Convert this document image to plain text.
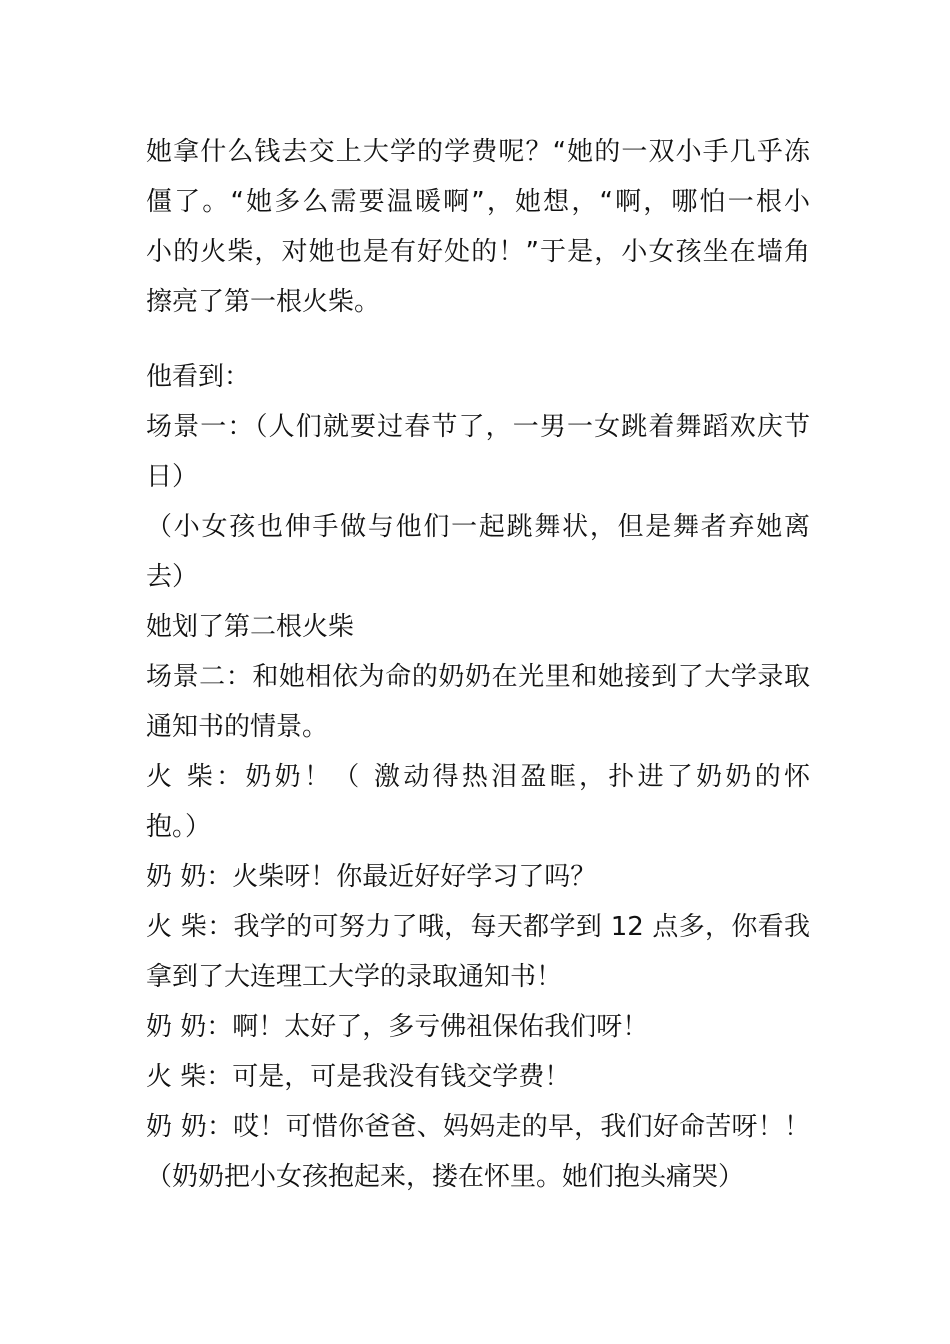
她拿什么钱去交上大学的学费呢？“她的一双小手几乎冻
僵了。“她多么需要温暖啊”，她想，“啊，哪怕一根小
小的火柴，对她也是有好处的！”于是，小女孩坐在墙角
擦亮了第一根火柴。
他看到：
场景一：（人们就要过春节了，一男一女跳着舞蹈欢庆节
日）
（小女孩也伸手做与他们一起跳舞状，但是舞者弃她离
去）
她划了第二根火柴
场景二：和她相依为命的奶奶在光里和她接到了大学录取
通知书的情景。
火 柴：奶奶！（ 激动得热泪盈眶，扑进了奶奶的怀
抱。）
奶 奶：火柴呀！你最近好好学习了吗？
火 柴：我学的可努力了哦，每天都学到 12 点多，你看我
拿到了大连理工大学的录取通知书！
奶 奶：啊！太好了，多亏佛祖保佑我们呀！
火 柴：可是，可是我没有钱交学费！
奶 奶：哎！可惜你爸爸、妈妈走的早，我们好命苦呀！！
（奶奶把小女孩抱起来，搂在怀里。她们抱头痛哭）
